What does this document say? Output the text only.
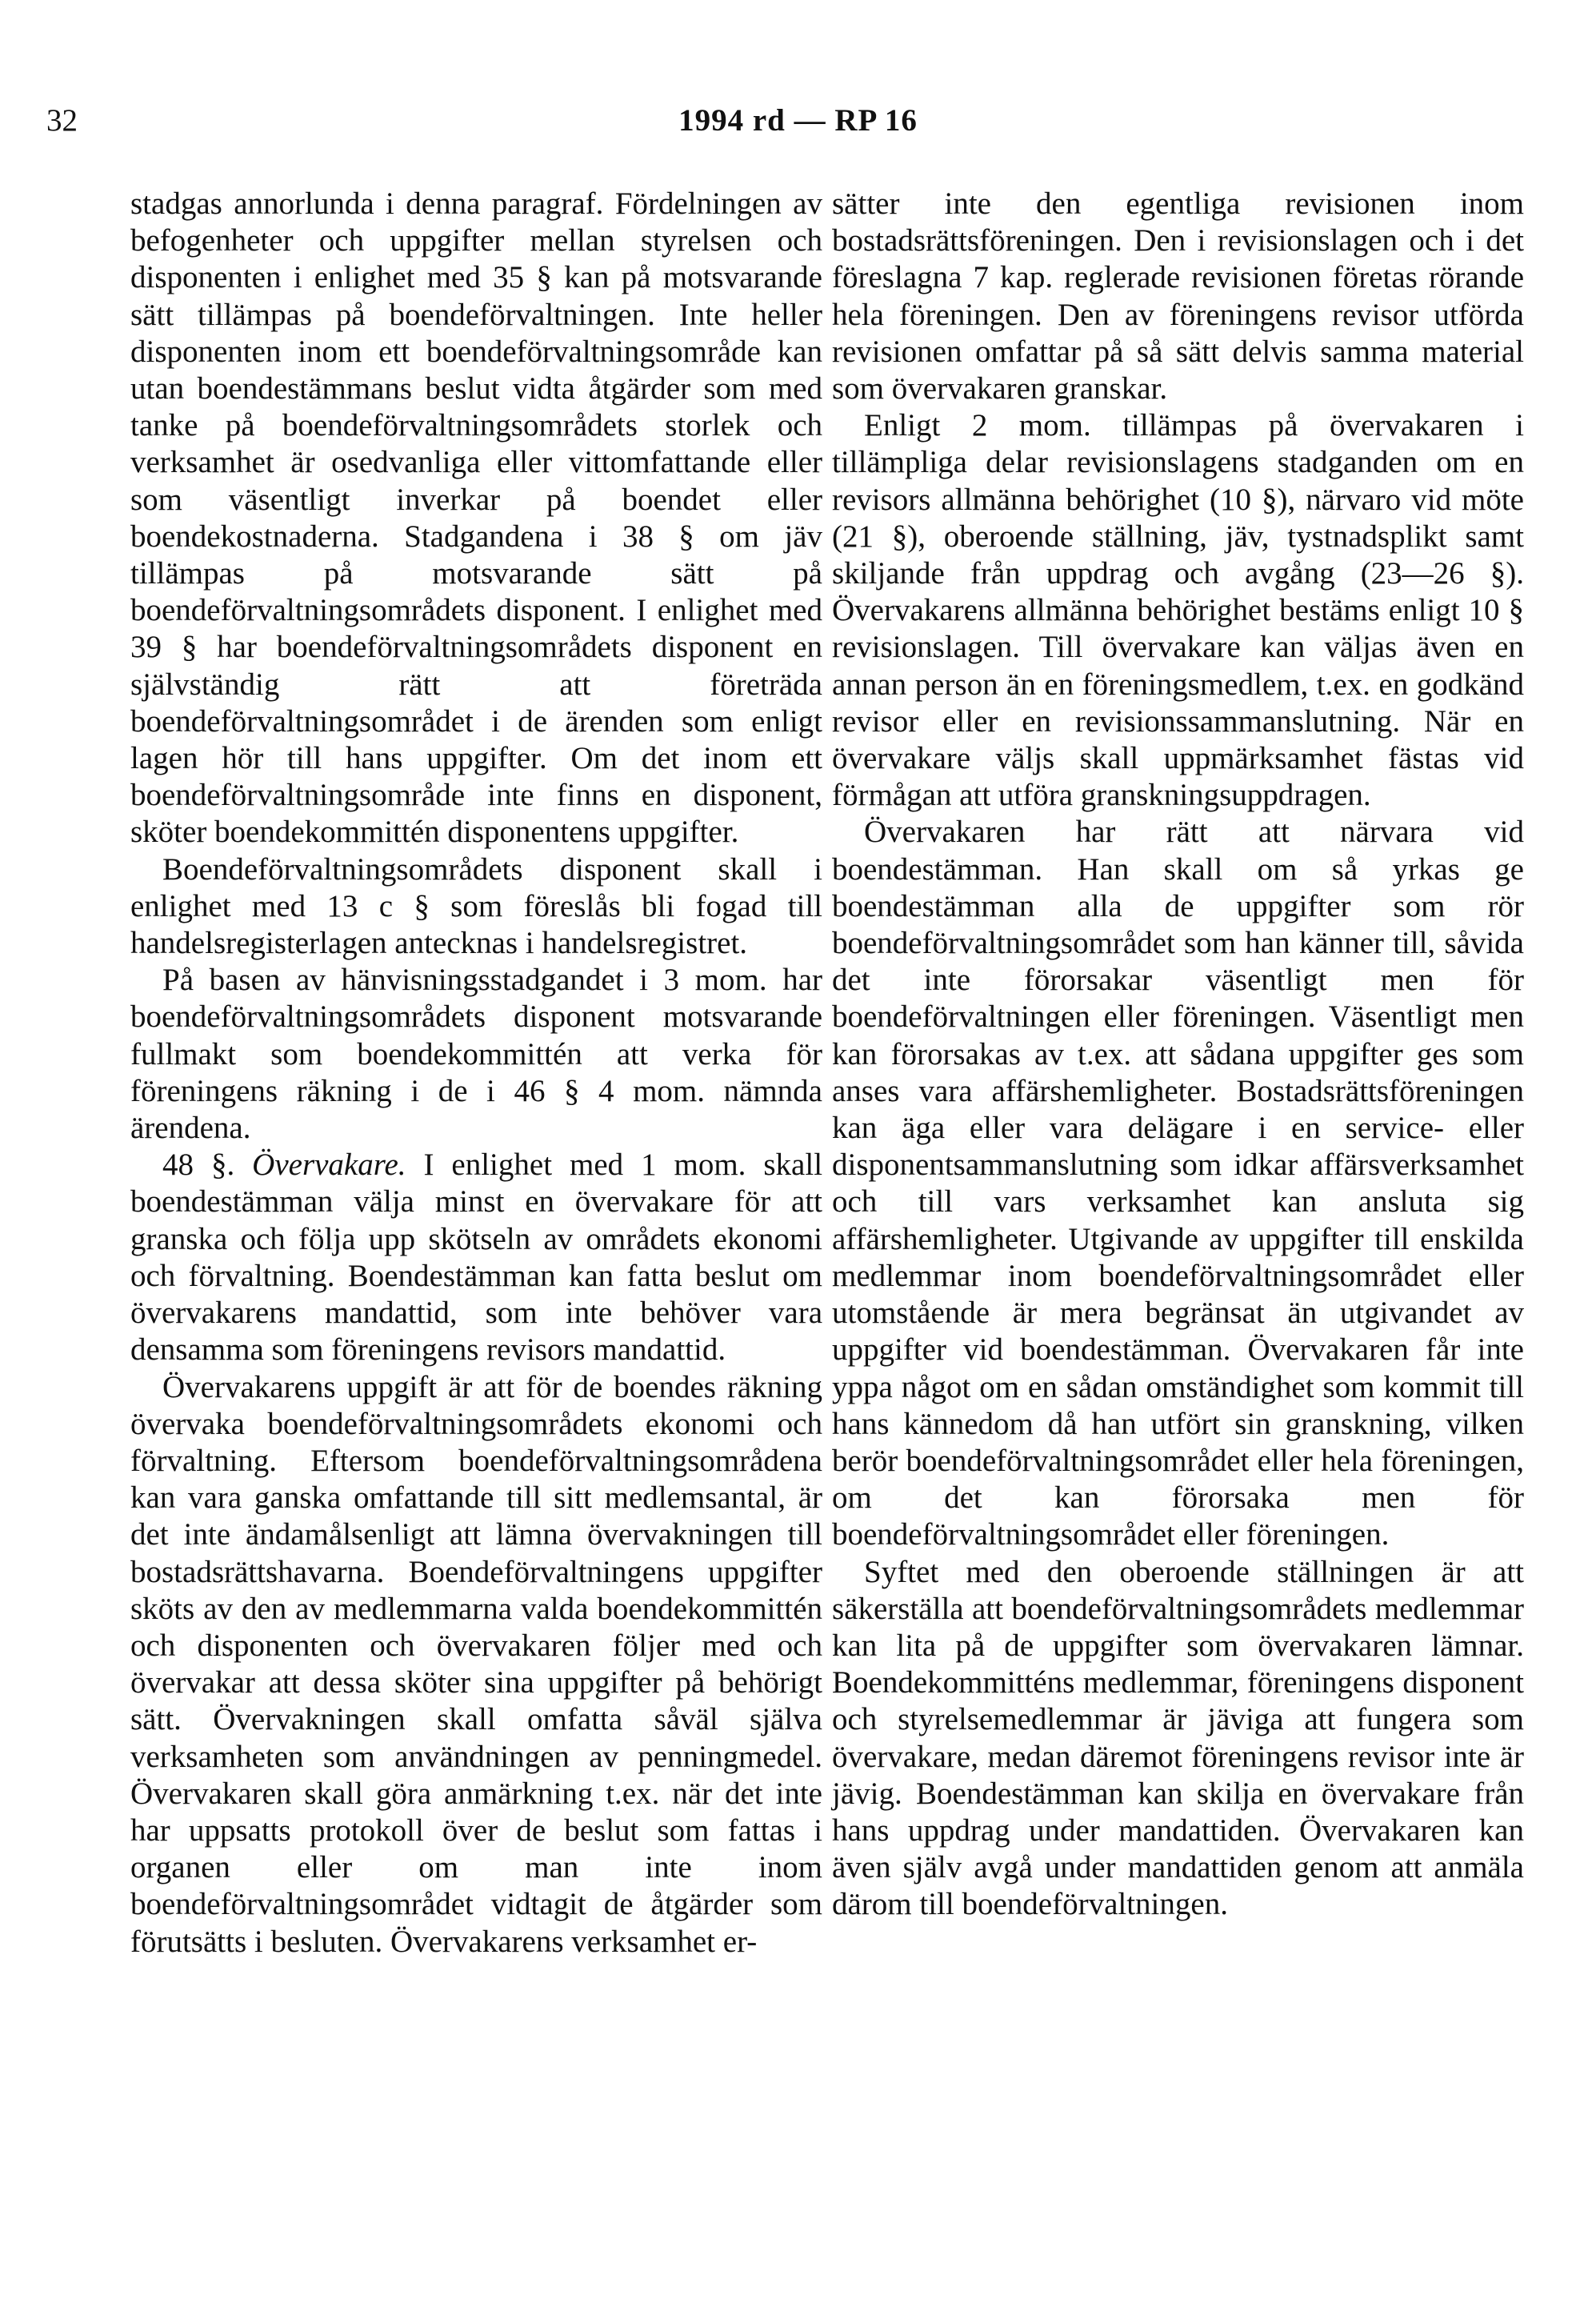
32	1994 rd — RP 16

stadgas annorlunda i denna paragraf. Fördelningen av befogenheter och uppgifter mellan styrelsen och disponenten i enlighet med 35 § kan på motsvarande sätt tillämpas på boendeförvaltningen. Inte heller disponenten inom ett boendeförvaltningsområde kan utan boendestämmans beslut vidta åtgärder som med tanke på boendeförvaltningsområdets storlek och verksamhet är osedvanliga eller vittomfattande eller som väsentligt inverkar på boendet eller boendekostnaderna. Stadgandena i 38 § om jäv tillämpas på motsvarande sätt på boendeförvaltningsområdets disponent. I enlighet med 39 § har boendeförvaltningsområdets disponent en självständig rätt att företräda boendeförvaltningsområdet i de ärenden som enligt lagen hör till hans uppgifter. Om det inom ett boendeförvaltningsområde inte finns en disponent, sköter boendekommittén disponentens uppgifter.

Boendeförvaltningsområdets disponent skall i enlighet med 13 c § som föreslås bli fogad till handelsregisterlagen antecknas i handelsregistret.

På basen av hänvisningsstadgandet i 3 mom. har boendeförvaltningsområdets disponent motsvarande fullmakt som boendekommittén att verka för föreningens räkning i de i 46 § 4 mom. nämnda ärendena.

48 §. Övervakare. I enlighet med 1 mom. skall boendestämman välja minst en övervakare för att granska och följa upp skötseln av områdets ekonomi och förvaltning. Boendestämman kan fatta beslut om övervakarens mandattid, som inte behöver vara densamma som föreningens revisors mandattid.

Övervakarens uppgift är att för de boendes räkning övervaka boendeförvaltningsområdets ekonomi och förvaltning. Eftersom boendeförvaltningsområdena kan vara ganska omfattande till sitt medlemsantal, är det inte ändamålsenligt att lämna övervakningen till bostadsrättshavarna. Boendeförvaltningens uppgifter sköts av den av medlemmarna valda boendekommittén och disponenten och övervakaren följer med och övervakar att dessa sköter sina uppgifter på behörigt sätt. Övervakningen skall omfatta såväl själva verksamheten som användningen av penningmedel. Övervakaren skall göra anmärkning t.ex. när det inte har uppsatts protokoll över de beslut som fattas i organen eller om man inte inom boendeförvaltningsområdet vidtagit de åtgärder som förutsätts i besluten. Övervakarens verksamhet er-

sätter inte den egentliga revisionen inom bostadsrättsföreningen. Den i revisionslagen och i det föreslagna 7 kap. reglerade revisionen företas rörande hela föreningen. Den av föreningens revisor utförda revisionen omfattar på så sätt delvis samma material som övervakaren granskar.

Enligt 2 mom. tillämpas på övervakaren i tillämpliga delar revisionslagens stadganden om en revisors allmänna behörighet (10 §), närvaro vid möte (21 §), oberoende ställning, jäv, tystnadsplikt samt skiljande från uppdrag och avgång (23—26 §). Övervakarens allmänna behörighet bestäms enligt 10 § revisionslagen. Till övervakare kan väljas även en annan person än en föreningsmedlem, t.ex. en godkänd revisor eller en revisionssammanslutning. När en övervakare väljs skall uppmärksamhet fästas vid förmågan att utföra granskningsuppdragen.

Övervakaren har rätt att närvara vid boendestämman. Han skall om så yrkas ge boendestämman alla de uppgifter som rör boendeförvaltningsområdet som han känner till, såvida det inte förorsakar väsentligt men för boendeförvaltningen eller föreningen. Väsentligt men kan förorsakas av t.ex. att sådana uppgifter ges som anses vara affärshemligheter. Bostadsrättsföreningen kan äga eller vara delägare i en service- eller disponentsammanslutning som idkar affärsverksamhet och till vars verksamhet kan ansluta sig affärshemligheter. Utgivande av uppgifter till enskilda medlemmar inom boendeförvaltningsområdet eller utomstående är mera begränsat än utgivandet av uppgifter vid boendestämman. Övervakaren får inte yppa något om en sådan omständighet som kommit till hans kännedom då han utfört sin granskning, vilken berör boendeförvaltningsområdet eller hela föreningen, om det kan förorsaka men för boendeförvaltningsområdet eller föreningen.

Syftet med den oberoende ställningen är att säkerställa att boendeförvaltningsområdets medlemmar kan lita på de uppgifter som övervakaren lämnar. Boendekommitténs medlemmar, föreningens disponent och styrelsemedlemmar är jäviga att fungera som övervakare, medan däremot föreningens revisor inte är jävig. Boendestämman kan skilja en övervakare från hans uppdrag under mandattiden. Övervakaren kan även själv avgå under mandattiden genom att anmäla därom till boendeförvaltningen.
